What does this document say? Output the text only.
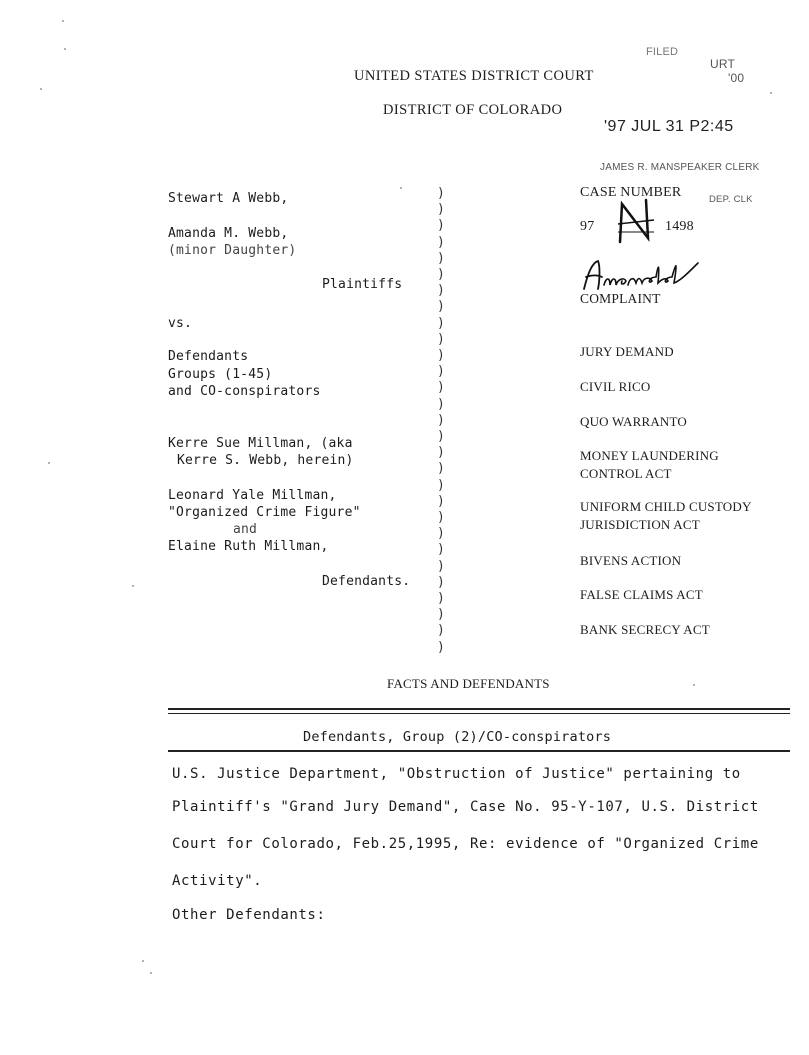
UNITED STATES DISTRICT COURT
DISTRICT OF COLORADO
FILED
URT
'00
'97 JUL 31 P2:45
JAMES R. MANSPEAKER CLERK
DEP. CLK
Stewart A Webb,
Amanda M. Webb,
(minor Daughter)
Plaintiffs
vs.
Defendants
Groups (1-45)
and CO-conspirators
Kerre Sue Millman, (aka
Kerre S. Webb, herein)
Leonard Yale Millman,
"Organized Crime Figure"
and
Elaine Ruth Millman,
Defendants.
)
)
)
)
)
)
)
)
)
)
)
)
)
)
)
)
)
)
)
)
)
)
)
)
)
)
)
)
)
CASE NUMBER
97	1498
COMPLAINT
JURY DEMAND
CIVIL RICO
QUO WARRANTO
MONEY LAUNDERING
CONTROL ACT
UNIFORM CHILD CUSTODY
JURISDICTION ACT
BIVENS ACTION
FALSE CLAIMS ACT
BANK SECRECY ACT
FACTS AND DEFENDANTS
Defendants, Group (2)/CO-conspirators
U.S. Justice Department, "Obstruction of Justice" pertaining to
Plaintiff's "Grand Jury Demand", Case No. 95-Y-107, U.S. District
Court for Colorado, Feb.25,1995, Re: evidence of "Organized Crime
Activity".
Other Defendants:
